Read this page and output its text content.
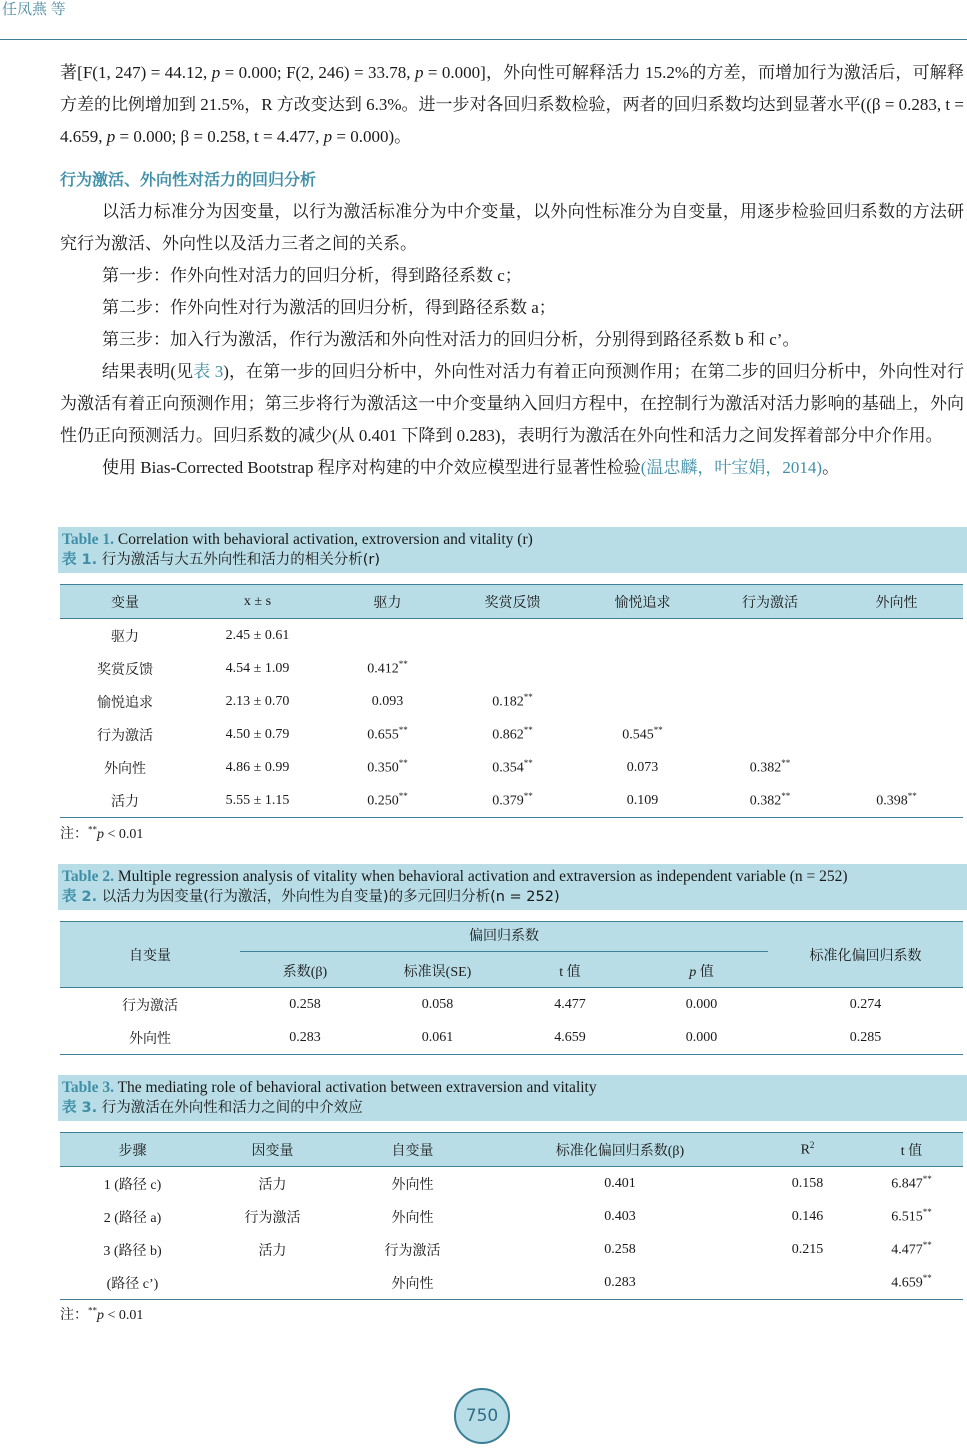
任凤燕 等

著[F(1, 247) = 44.12, p = 0.000; F(2, 246) = 33.78, p = 0.000]，外向性可解释活力 15.2%的方差，而增加行为激活后，可解释方差的比例增加到 21.5%，R 方改变达到 6.3%。进一步对各回归系数检验，两者的回归系数均达到显著水平((β = 0.283, t = 4.659, p = 0.000; β = 0.258, t = 4.477, p = 0.000)。

行为激活、外向性对活力的回归分析

以活力标准分为因变量，以行为激活标准分为中介变量，以外向性标准分为自变量，用逐步检验回归系数的方法研究行为激活、外向性以及活力三者之间的关系。

第一步：作外向性对活力的回归分析，得到路径系数 c；

第二步：作外向性对行为激活的回归分析，得到路径系数 a；

第三步：加入行为激活，作行为激活和外向性对活力的回归分析，分别得到路径系数 b 和 c’。

结果表明(见表 3)，在第一步的回归分析中，外向性对活力有着正向预测作用；在第二步的回归分析中，外向性对行为激活有着正向预测作用；第三步将行为激活这一中介变量纳入回归方程中，在控制行为激活对活力影响的基础上，外向性仍正向预测活力。回归系数的减少(从 0.401 下降到 0.283)，表明行为激活在外向性和活力之间发挥着部分中介作用。

使用 Bias-Corrected Bootstrap 程序对构建的中介效应模型进行显著性检验(温忠麟，叶宝娟，2014)。

Table 1. Correlation with behavioral activation, extroversion and vitality (r)
表 1. 行为激活与大五外向性和活力的相关分析(r)
变量	x ± s	驱力	奖赏反馈	愉悦追求	行为激活	外向性
驱力	2.45 ± 0.61					
奖赏反馈	4.54 ± 1.09	0.412**				
愉悦追求	2.13 ± 0.70	0.093	0.182**			
行为激活	4.50 ± 0.79	0.655**	0.862**	0.545**		
外向性	4.86 ± 0.99	0.350**	0.354**	0.073	0.382**	
活力	5.55 ± 1.15	0.250**	0.379**	0.109	0.382**	0.398**
注：**p < 0.01
Table 2. Multiple regression analysis of vitality when behavioral activation and extraversion as independent variable (n = 252)
表 2. 以活力为因变量(行为激活，外向性为自变量)的多元回归分析(n = 252)
自变量	偏回归系数				标准化偏回归系数
	系数(β)	标准误(SE)	t 值	p 值	
行为激活	0.258	0.058	4.477	0.000	0.274
外向性	0.283	0.061	4.659	0.000	0.285
Table 3. The mediating role of behavioral activation between extraversion and vitality
表 3. 行为激活在外向性和活力之间的中介效应
步骤	因变量	自变量	标准化偏回归系数(β)	$R^2$	t 值
1 (路径 c)	活力	外向性	0.401	0.158	6.847**
2 (路径 a)	行为激活	外向性	0.403	0.146	6.515**
3 (路径 b)	活力	行为激活	0.258	0.215	4.477**
(路径 c’)		外向性	0.283		4.659**
注：**p < 0.01
750
